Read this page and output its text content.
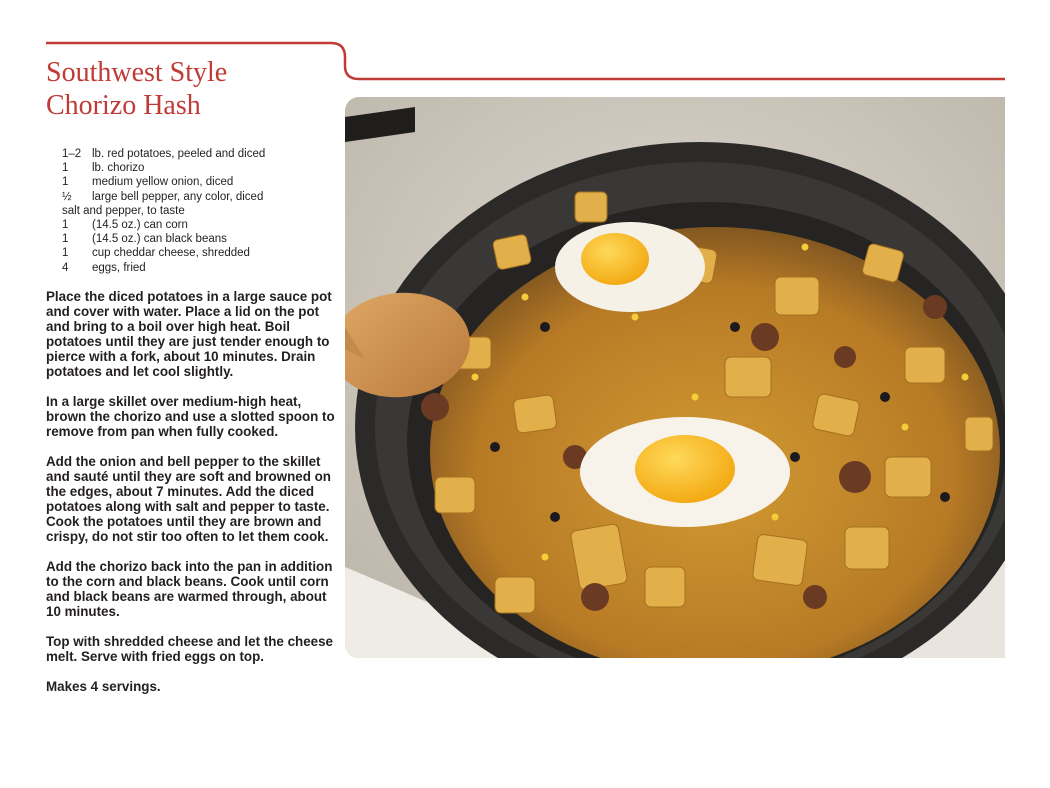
Southwest Style
Chorizo Hash
1–2 lb. red potatoes, peeled and diced
1 lb. chorizo
1 medium yellow onion, diced
½ large bell pepper, any color, diced
salt and pepper, to taste
1 (14.5 oz.) can corn
1 (14.5 oz.) can black beans
1 cup cheddar cheese, shredded
4 eggs, fried

Place the diced potatoes in a large sauce pot and cover with water. Place a lid on the pot and bring to a boil over high heat. Boil potatoes until they are just tender enough to pierce with a fork, about 10 minutes. Drain potatoes and let cool slightly.

In a large skillet over medium-high heat, brown the chorizo and use a slotted spoon to remove from pan when fully cooked.

Add the onion and bell pepper to the skillet and sauté until they are soft and browned on the edges, about 7 minutes. Add the diced potatoes along with salt and pepper to taste. Cook the potatoes until they are brown and crispy, do not stir too often to let them cook.

Add the chorizo back into the pan in addition to the corn and black beans. Cook until corn and black beans are warmed through, about 10 minutes.

Top with shredded cheese and let the cheese melt. Serve with fried eggs on top.

Makes 4 servings.
